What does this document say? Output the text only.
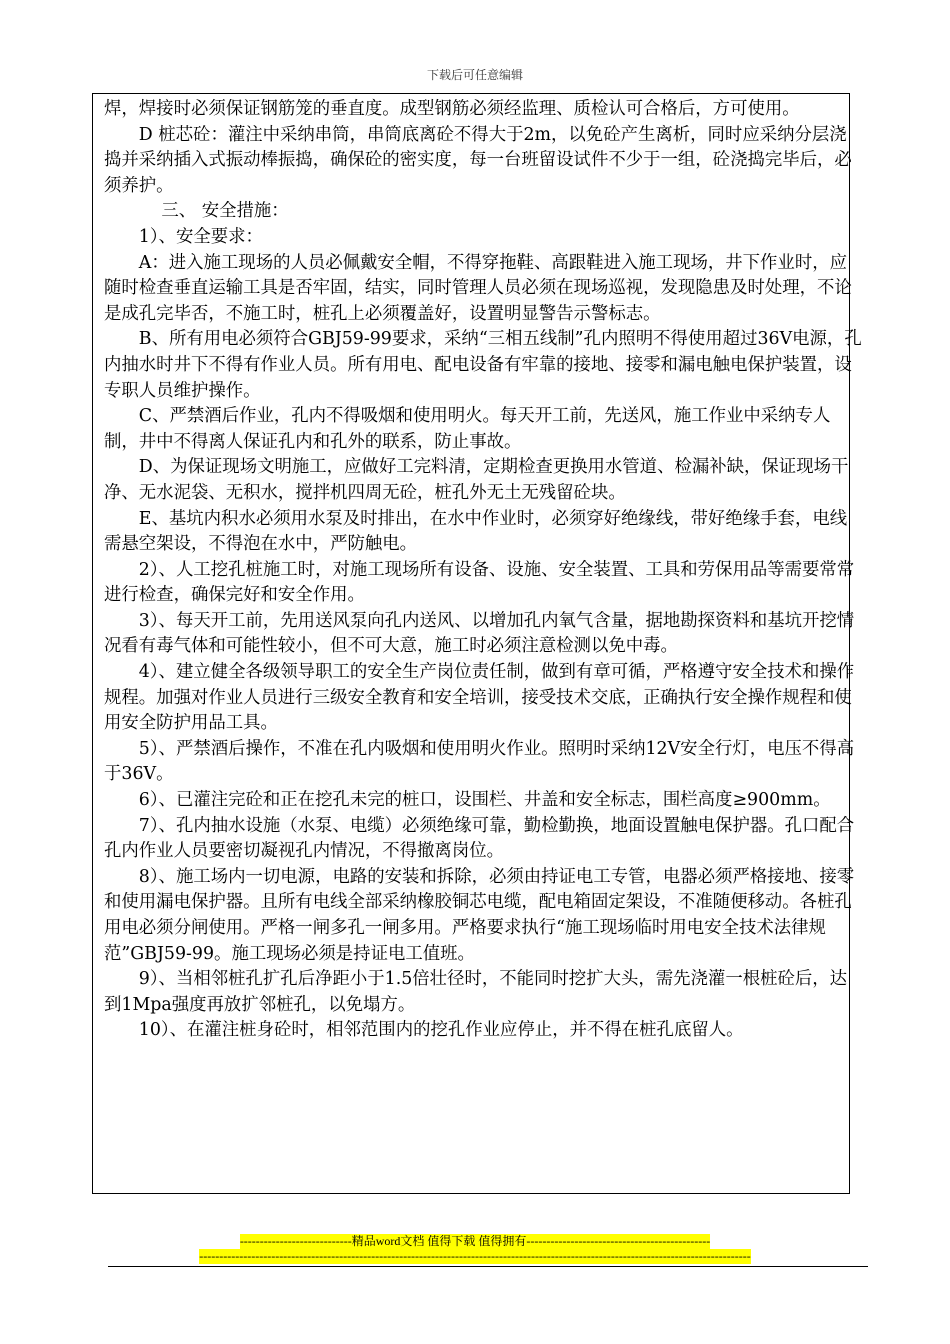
下载后可任意编辑

焊，焊接时必须保证钢筋笼的垂直度。成型钢筋必须经监理、质检认可合格后，方可使用。

D 桩芯砼：灌注中采纳串筒，串筒底离砼不得大于2m，以免砼产生离析，同时应采纳分层浇捣并采纳插入式振动棒振捣，确保砼的密实度，每一台班留设试件不少于一组，砼浇捣完毕后，必须养护。

三、 安全措施：

1）、安全要求：

A：进入施工现场的人员必佩戴安全帽，不得穿拖鞋、高跟鞋进入施工现场，井下作业时，应随时检查垂直运输工具是否牢固，结实，同时管理人员必须在现场巡视，发现隐患及时处理，不论是成孔完毕否，不施工时，桩孔上必须覆盖好，设置明显警告示警标志。

B、所有用电必须符合GBJ59-99要求，采纳“三相五线制”孔内照明不得使用超过36V电源，孔内抽水时井下不得有作业人员。所有用电、配电设备有牢靠的接地、接零和漏电触电保护装置，设专职人员维护操作。

C、严禁酒后作业，孔内不得吸烟和使用明火。每天开工前，先送风，施工作业中采纳专人制，井中不得离人保证孔内和孔外的联系，防止事故。

D、为保证现场文明施工，应做好工完料清，定期检查更换用水管道、检漏补缺，保证现场干净、无水泥袋、无积水，搅拌机四周无砼，桩孔外无土无残留砼块。

E、基坑内积水必须用水泵及时排出，在水中作业时，必须穿好绝缘线，带好绝缘手套，电线需悬空架设，不得泡在水中，严防触电。

2）、人工挖孔桩施工时，对施工现场所有设备、设施、安全装置、工具和劳保用品等需要常常进行检查，确保完好和安全作用。

3）、每天开工前，先用送风泵向孔内送风、以增加孔内氧气含量，据地勘探资料和基坑开挖情况看有毒气体和可能性较小，但不可大意，施工时必须注意检测以免中毒。

4）、建立健全各级领导职工的安全生产岗位责任制，做到有章可循，严格遵守安全技术和操作规程。加强对作业人员进行三级安全教育和安全培训，接受技术交底，正确执行安全操作规程和使用安全防护用品工具。

5）、严禁酒后操作，不准在孔内吸烟和使用明火作业。照明时采纳12V安全行灯，电压不得高于36V。

6）、已灌注完砼和正在挖孔未完的桩口，设围栏、井盖和安全标志，围栏高度≥900mm。

7）、孔内抽水设施（水泵、电缆）必须绝缘可靠，勤检勤换，地面设置触电保护器。孔口配合孔内作业人员要密切凝视孔内情况，不得撤离岗位。

8）、施工场内一切电源，电路的安装和拆除，必须由持证电工专管，电器必须严格接地、接零和使用漏电保护器。且所有电线全部采纳橡胶铜芯电缆，配电箱固定架设，不准随便移动。各桩孔用电必须分闸使用。严格一闸多孔一闸多用。严格要求执行“施工现场临时用电安全技术法律规范”GBJ59-99。施工现场必须是持证电工值班。

9）、当相邻桩孔扩孔后净距小于1.5倍壮径时，不能同时挖扩大头，需先浇灌一根桩砼后，达到1Mpa强度再放扩邻桩孔，以免塌方。

10）、在灌注桩身砼时，相邻范围内的挖孔作业应停止，并不得在桩孔底留人。

----------------------------精品word文档 值得下载 值得拥有----------------------------------------------
------------------------------------------------------------------------------------------------------------------------------------------
